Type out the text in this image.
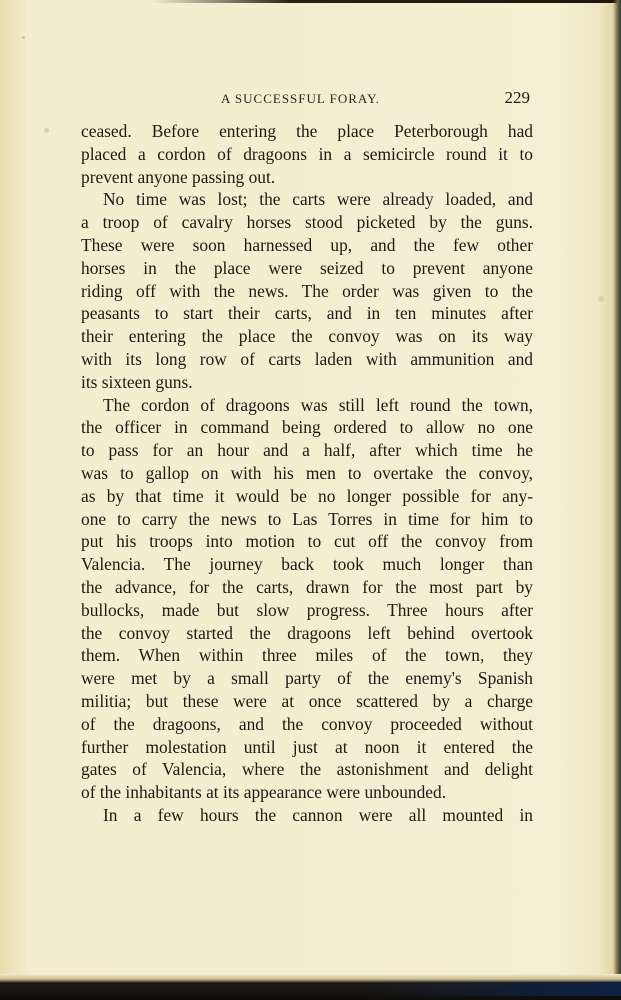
A SUCCESSFUL FORAY.	229
ceased. Before entering the place Peterborough had
placed a cordon of dragoons in a semicircle round it to
prevent anyone passing out.
No time was lost; the carts were already loaded, and
a troop of cavalry horses stood picketed by the guns.
These were soon harnessed up, and the few other
horses in the place were seized to prevent anyone
riding off with the news. The order was given to the
peasants to start their carts, and in ten minutes after
their entering the place the convoy was on its way
with its long row of carts laden with ammunition and
its sixteen guns.
The cordon of dragoons was still left round the town,
the officer in command being ordered to allow no one
to pass for an hour and a half, after which time he
was to gallop on with his men to overtake the convoy,
as by that time it would be no longer possible for any-
one to carry the news to Las Torres in time for him to
put his troops into motion to cut off the convoy from
Valencia. The journey back took much longer than
the advance, for the carts, drawn for the most part by
bullocks, made but slow progress. Three hours after
the convoy started the dragoons left behind overtook
them. When within three miles of the town, they
were met by a small party of the enemy's Spanish
militia; but these were at once scattered by a charge
of the dragoons, and the convoy proceeded without
further molestation until just at noon it entered the
gates of Valencia, where the astonishment and delight
of the inhabitants at its appearance were unbounded.
In a few hours the cannon were all mounted in
